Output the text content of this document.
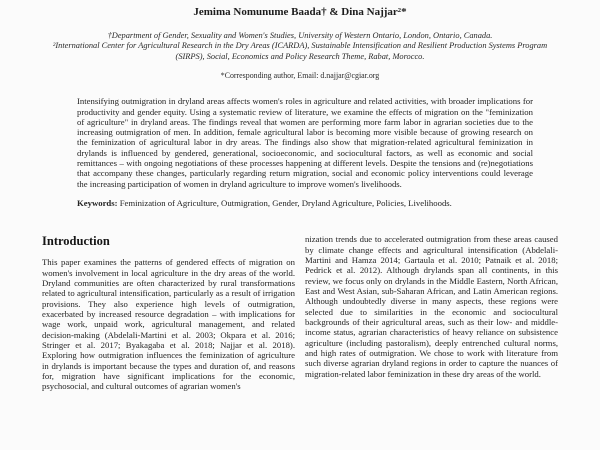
Jemima Nomunume Baada† & Dina Najjar²*
†Department of Gender, Sexuality and Women's Studies, University of Western Ontario, London, Ontario, Canada.
²International Center for Agricultural Research in the Dry Areas (ICARDA), Sustainable Intensification and Resilient Production Systems Program (SIRPS), Social, Economics and Policy Research Theme, Rabat, Morocco.
*Corresponding author, Email: d.najjar@cgiar.org
Intensifying outmigration in dryland areas affects women's roles in agriculture and related activities, with broader implications for productivity and gender equity. Using a systematic review of literature, we examine the effects of migration on the "feminization of agriculture" in dryland areas. The findings reveal that women are performing more farm labor in agrarian societies due to the increasing outmigration of men. In addition, female agricultural labor is becoming more visible because of growing research on the feminization of agricultural labor in dry areas. The findings also show that migration-related agricultural feminization in drylands is influenced by gendered, generational, socioeconomic, and sociocultural factors, as well as economic and social remittances – with ongoing negotiations of these processes happening at different levels. Despite the tensions and (re)negotiations that accompany these changes, particularly regarding return migration, social and economic policy interventions could leverage the increasing participation of women in dryland agriculture to improve women's livelihoods.
Keywords: Feminization of Agriculture, Outmigration, Gender, Dryland Agriculture, Policies, Livelihoods.
Introduction
This paper examines the patterns of gendered effects of migration on women's involvement in local agriculture in the dry areas of the world. Dryland communities are often characterized by rural transformations related to agricultural intensification, particularly as a result of irrigation provisions. They also experience high levels of outmigration, exacerbated by increased resource degradation – with implications for wage work, unpaid work, agricultural management, and related decision-making (Abdelali-Martini et al. 2003; Okpara et al. 2016; Stringer et al. 2017; Byakagaba et al. 2018; Najjar et al. 2018). Exploring how outmigration influences the feminization of agriculture in drylands is important because the types and duration of, and reasons for, migration have significant implications for the economic, psychosocial, and cultural outcomes of agrarian women's
nization trends due to accelerated outmigration from these areas caused by climate change effects and agricultural intensification (Abdelali-Martini and Hamza 2014; Gartaula et al. 2010; Patnaik et al. 2018; Pedrick et al. 2012). Although drylands span all continents, in this review, we focus only on drylands in the Middle Eastern, North African, East and West Asian, sub-Saharan African, and Latin American regions. Although undoubtedly diverse in many aspects, these regions were selected due to similarities in the economic and sociocultural backgrounds of their agricultural areas, such as their low- and middle-income status, agrarian characteristics of heavy reliance on subsistence agriculture (including pastoralism), deeply entrenched cultural norms, and high rates of outmigration. We chose to work with literature from such diverse agrarian dryland regions in order to capture the nuances of migration-related labor feminization in these dry areas of the world.
